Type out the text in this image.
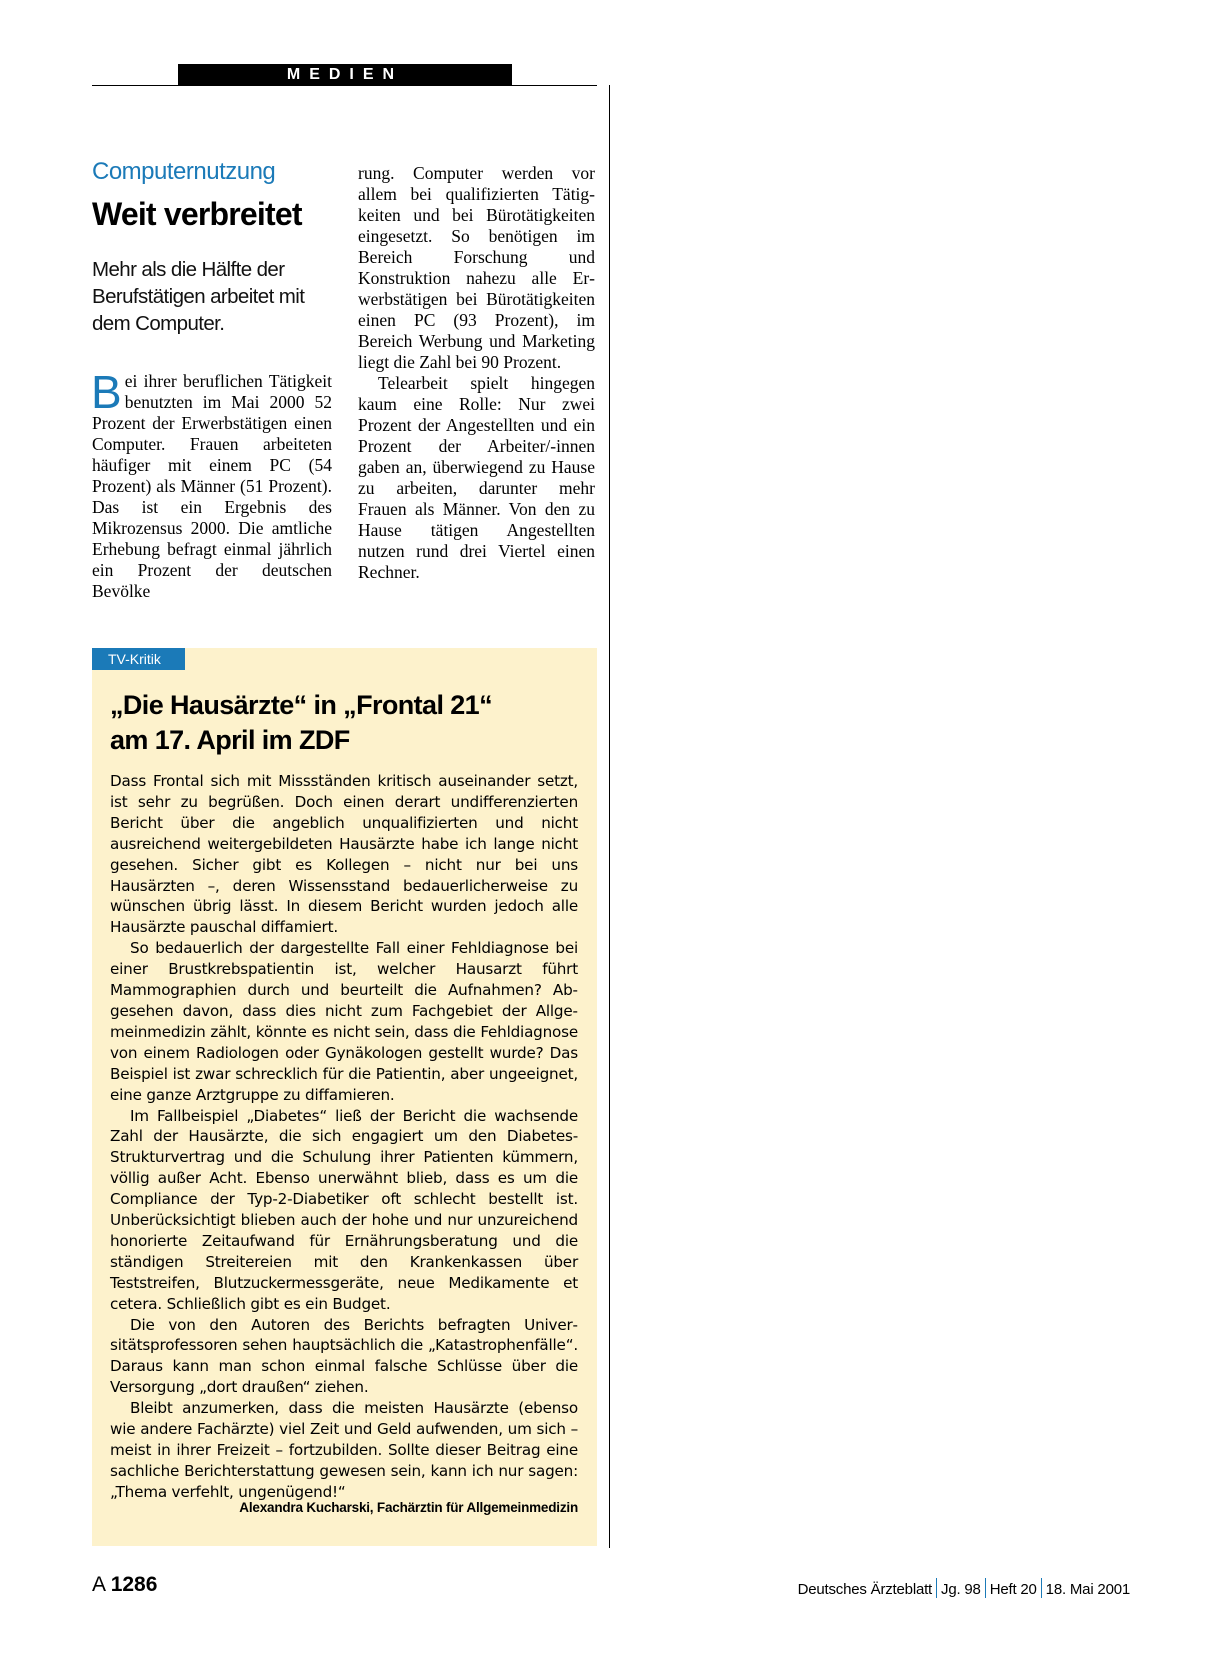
MEDIEN
Computernutzung
Weit verbreitet
Mehr als die Hälfte der Berufstätigen arbeitet mit dem Computer.

Bei ihrer beruflichen Tätigkeit benutzten im Mai 2000 52 Prozent der Erwerbstätigen einen Computer. Frauen arbeiteten häufiger mit einem PC (54 Prozent) als Männer (51 Prozent). Das ist ein Ergebnis des Mikrozensus 2000. Die amtliche Erhebung befragt einmal jährlich ein Prozent der deutschen Bevölke

rung. Computer werden vor allem bei qualifizierten Tätigkeiten und bei Bürotätigkeiten eingesetzt. So benötigen im Bereich Forschung und Konstruktion nahezu alle Erwerbstätigen bei Bürotätigkeiten einen PC (93 Prozent), im Bereich Werbung und Marketing liegt die Zahl bei 90 Prozent.

Telearbeit spielt hingegen kaum eine Rolle: Nur zwei Prozent der Angestellten und ein Prozent der Arbeiter/-innen gaben an, überwiegend zu Hause zu arbeiten, darunter mehr Frauen als Männer. Von den zu Hause tätigen Angestellten nutzen rund drei Viertel einen Rechner.

TV-Kritik
„Die Hausärzte“ in „Frontal 21“
am 17. April im ZDF

Dass Frontal sich mit Missständen kritisch auseinander setzt, ist sehr zu begrüßen. Doch einen derart undifferenzierten Bericht über die angeblich unqualifizierten und nicht ausreichend weitergebildeten Hausärzte habe ich lange nicht gesehen. Sicher gibt es Kollegen – nicht nur bei uns Hausärzten –, deren Wissensstand bedauerlicherweise zu wünschen übrig lässt. In diesem Bericht wurden jedoch alle Hausärzte pauschal diffamiert.

So bedauerlich der dargestellte Fall einer Fehldiagnose bei einer Brustkrebspatientin ist, welcher Hausarzt führt Mammographien durch und beurteilt die Aufnahmen? Abgesehen davon, dass dies nicht zum Fachgebiet der Allgemeinmedizin zählt, könnte es nicht sein, dass die Fehldiagnose von einem Radiologen oder Gynäkologen gestellt wurde? Das Beispiel ist zwar schrecklich für die Patientin, aber ungeeignet, eine ganze Arztgruppe zu diffamieren.

Im Fallbeispiel „Diabetes“ ließ der Bericht die wachsende Zahl der Hausärzte, die sich engagiert um den Diabetes-Strukturvertrag und die Schulung ihrer Patienten kümmern, völlig außer Acht. Ebenso unerwähnt blieb, dass es um die Compliance der Typ-2-Diabetiker oft schlecht bestellt ist. Unberücksichtigt blieben auch der hohe und nur unzureichend honorierte Zeitaufwand für Ernährungsberatung und die ständigen Streitereien mit den Krankenkassen über Teststreifen, Blutzuckermessgeräte, neue Medikamente et cetera. Schließlich gibt es ein Budget.

Die von den Autoren des Berichts befragten Universitätsprofessoren sehen hauptsächlich die „Katastrophenfälle“. Daraus kann man schon einmal falsche Schlüsse über die Versorgung „dort draußen“ ziehen.

Bleibt anzumerken, dass die meisten Hausärzte (ebenso wie andere Fachärzte) viel Zeit und Geld aufwenden, um sich – meist in ihrer Freizeit – fortzubilden. Sollte dieser Beitrag eine sachliche Berichterstattung gewesen sein, kann ich nur sagen: „Thema verfehlt, ungenügend!“

Alexandra Kucharski, Fachärztin für Allgemeinmedizin
A 1286	Deutsches Ärzteblatt Jg. 98 Heft 20 18. Mai 2001
